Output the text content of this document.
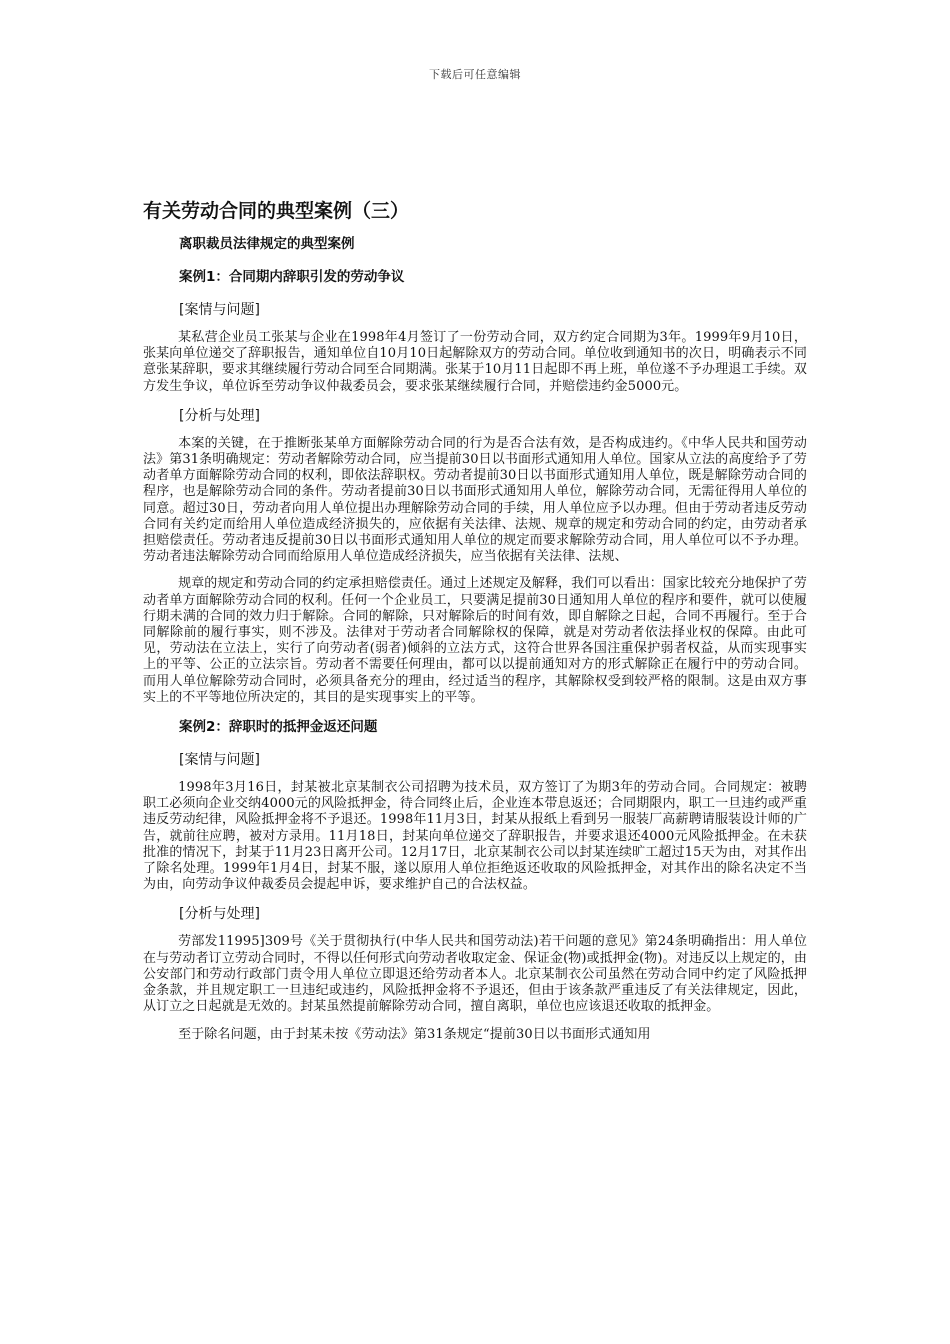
下载后可任意编辑
有关劳动合同的典型案例（三）
离职裁员法律规定的典型案例
案例1：合同期内辞职引发的劳动争议
[案情与问题]

某私营企业员工张某与企业在1998年4月签订了一份劳动合同，双方约定合同期为3年。1999年9月10日，张某向单位递交了辞职报告，通知单位自10月10日起解除双方的劳动合同。单位收到通知书的次日，明确表示不同意张某辞职，要求其继续履行劳动合同至合同期满。张某于10月11日起即不再上班，单位遂不予办理退工手续。双方发生争议，单位诉至劳动争议仲裁委员会，要求张某继续履行合同，并赔偿违约金5000元。

[分析与处理]

本案的关键，在于推断张某单方面解除劳动合同的行为是否合法有效，是否构成违约。《中华人民共和国劳动法》第31条明确规定：劳动者解除劳动合同，应当提前30日以书面形式通知用人单位。国家从立法的高度给予了劳动者单方面解除劳动合同的权利，即依法辞职权。劳动者提前30日以书面形式通知用人单位，既是解除劳动合同的程序，也是解除劳动合同的条件。劳动者提前30日以书面形式通知用人单位，解除劳动合同，无需征得用人单位的同意。超过30日，劳动者向用人单位提出办理解除劳动合同的手续，用人单位应予以办理。但由于劳动者违反劳动合同有关约定而给用人单位造成经济损失的，应依据有关法律、法规、规章的规定和劳动合同的约定，由劳动者承担赔偿责任。劳动者违反提前30日以书面形式通知用人单位的规定而要求解除劳动合同，用人单位可以不予办理。劳动者违法解除劳动合同而给原用人单位造成经济损失，应当依据有关法律、法规、

规章的规定和劳动合同的约定承担赔偿责任。通过上述规定及解释，我们可以看出：国家比较充分地保护了劳动者单方面解除劳动合同的权利。任何一个企业员工，只要满足提前30日通知用人单位的程序和要件，就可以使履行期未满的合同的效力归于解除。合同的解除，只对解除后的时间有效，即自解除之日起，合同不再履行。至于合同解除前的履行事实，则不涉及。法律对于劳动者合同解除权的保障，就是对劳动者依法择业权的保障。由此可见，劳动法在立法上，实行了向劳动者(弱者)倾斜的立法方式，这符合世界各国注重保护弱者权益，从而实现事实上的平等、公正的立法宗旨。劳动者不需要任何理由，都可以以提前通知对方的形式解除正在履行中的劳动合同。而用人单位解除劳动合同时，必须具备充分的理由，经过适当的程序，其解除权受到较严格的限制。这是由双方事实上的不平等地位所决定的，其目的是实现事实上的平等。

案例2：辞职时的抵押金返还问题
[案情与问题]

1998年3月16日，封某被北京某制衣公司招聘为技术员，双方签订了为期3年的劳动合同。合同规定：被聘职工必须向企业交纳4000元的风险抵押金，待合同终止后，企业连本带息返还；合同期限内，职工一旦违约或严重违反劳动纪律，风险抵押金将不予退还。1998年11月3日，封某从报纸上看到另一服装厂高薪聘请服装设计师的广告，就前往应聘，被对方录用。11月18日，封某向单位递交了辞职报告，并要求退还4000元风险抵押金。在未获批准的情况下，封某于11月23日离开公司。12月17日，北京某制衣公司以封某连续旷工超过15天为由，对其作出了除名处理。1999年1月4日，封某不服，遂以原用人单位拒绝返还收取的风险抵押金，对其作出的除名决定不当为由，向劳动争议仲裁委员会提起申诉，要求维护自己的合法权益。

[分析与处理]

劳部发11995]309号《关于贯彻执行(中华人民共和国劳动法)若干问题的意见》第24条明确指出：用人单位在与劳动者订立劳动合同时，不得以任何形式向劳动者收取定金、保证金(物)或抵押金(物)。对违反以上规定的，由公安部门和劳动行政部门责令用人单位立即退还给劳动者本人。北京某制衣公司虽然在劳动合同中约定了风险抵押金条款，并且规定职工一旦违纪或违约，风险抵押金将不予退还，但由于该条款严重违反了有关法律规定，因此，从订立之日起就是无效的。封某虽然提前解除劳动合同，擅自离职，单位也应该退还收取的抵押金。

至于除名问题，由于封某未按《劳动法》第31条规定“提前30日以书面形式通知用
